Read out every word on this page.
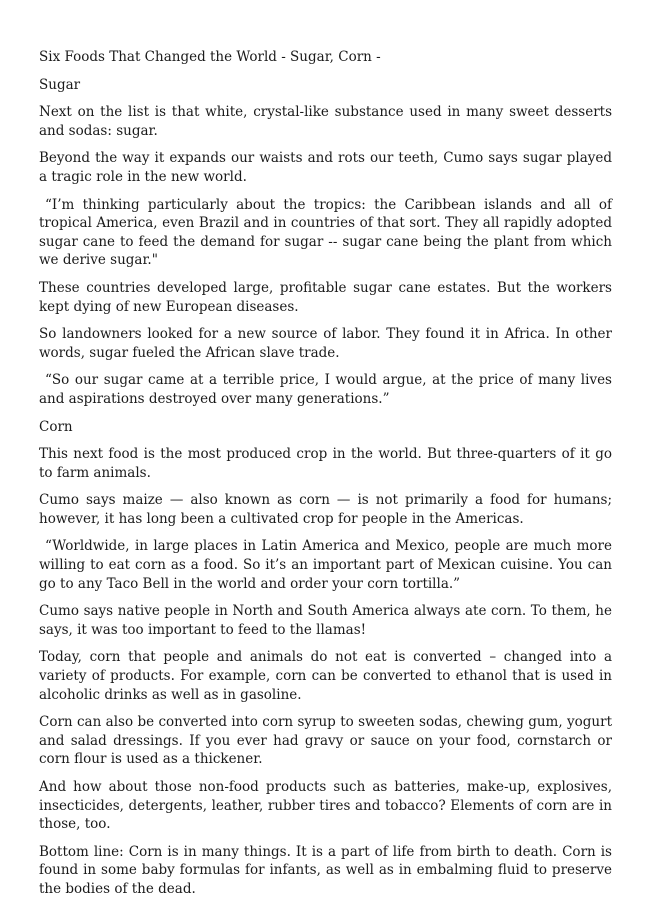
Six Foods That Changed the World - Sugar, Corn -
Sugar

Next on the list is that white, crystal-like substance used in many sweet desserts and sodas: sugar.

Beyond the way it expands our waists and rots our teeth, Cumo says sugar played a tragic role in the new world.

“I’m thinking particularly about the tropics: the Caribbean islands and all of tropical America, even Brazil and in countries of that sort. They all rapidly adopted sugar cane to feed the demand for sugar -- sugar cane being the plant from which we derive sugar."

These countries developed large, profitable sugar cane estates. But the workers kept dying of new European diseases.

So landowners looked for a new source of labor. They found it in Africa. In other words, sugar fueled the African slave trade.

“So our sugar came at a terrible price, I would argue, at the price of many lives and aspirations destroyed over many generations.”

Corn

This next food is the most produced crop in the world. But three-quarters of it go to farm animals.

Cumo says maize — also known as corn — is not primarily a food for humans; however, it has long been a cultivated crop for people in the Americas.

“Worldwide, in large places in Latin America and Mexico, people are much more willing to eat corn as a food. So it’s an important part of Mexican cuisine. You can go to any Taco Bell in the world and order your corn tortilla.”

Cumo says native people in North and South America always ate corn. To them, he says, it was too important to feed to the llamas!

Today, corn that people and animals do not eat is converted – changed into a variety of products. For example, corn can be converted to ethanol that is used in alcoholic drinks as well as in gasoline.

Corn can also be converted into corn syrup to sweeten sodas, chewing gum, yogurt and salad dressings. If you ever had gravy or sauce on your food, cornstarch or corn flour is used as a thickener.

And how about those non-food products such as batteries, make-up, explosives, insecticides, detergents, leather, rubber tires and tobacco? Elements of corn are in those, too.

Bottom line: Corn is in many things. It is a part of life from birth to death. Corn is found in some baby formulas for infants, as well as in embalming fluid to preserve the bodies of the dead.
